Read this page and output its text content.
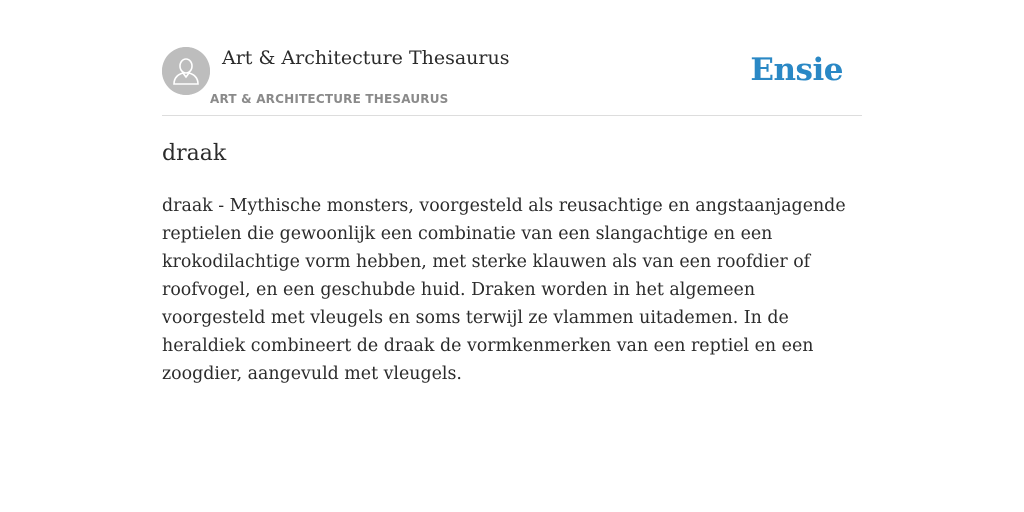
Art & Architecture Thesaurus
ART & ARCHITECTURE THESAURUS
Ensie
draak

draak - Mythische monsters, voorgesteld als reusachtige en angstaanjagende reptielen die gewoonlijk een combinatie van een slangachtige en een krokodilachtige vorm hebben, met sterke klauwen als van een roofdier of roofvogel, en een geschubde huid. Draken worden in het algemeen voorgesteld met vleugels en soms terwijl ze vlammen uitademen. In de heraldiek combineert de draak de vormkenmerken van een reptiel en een zoogdier, aangevuld met vleugels.
